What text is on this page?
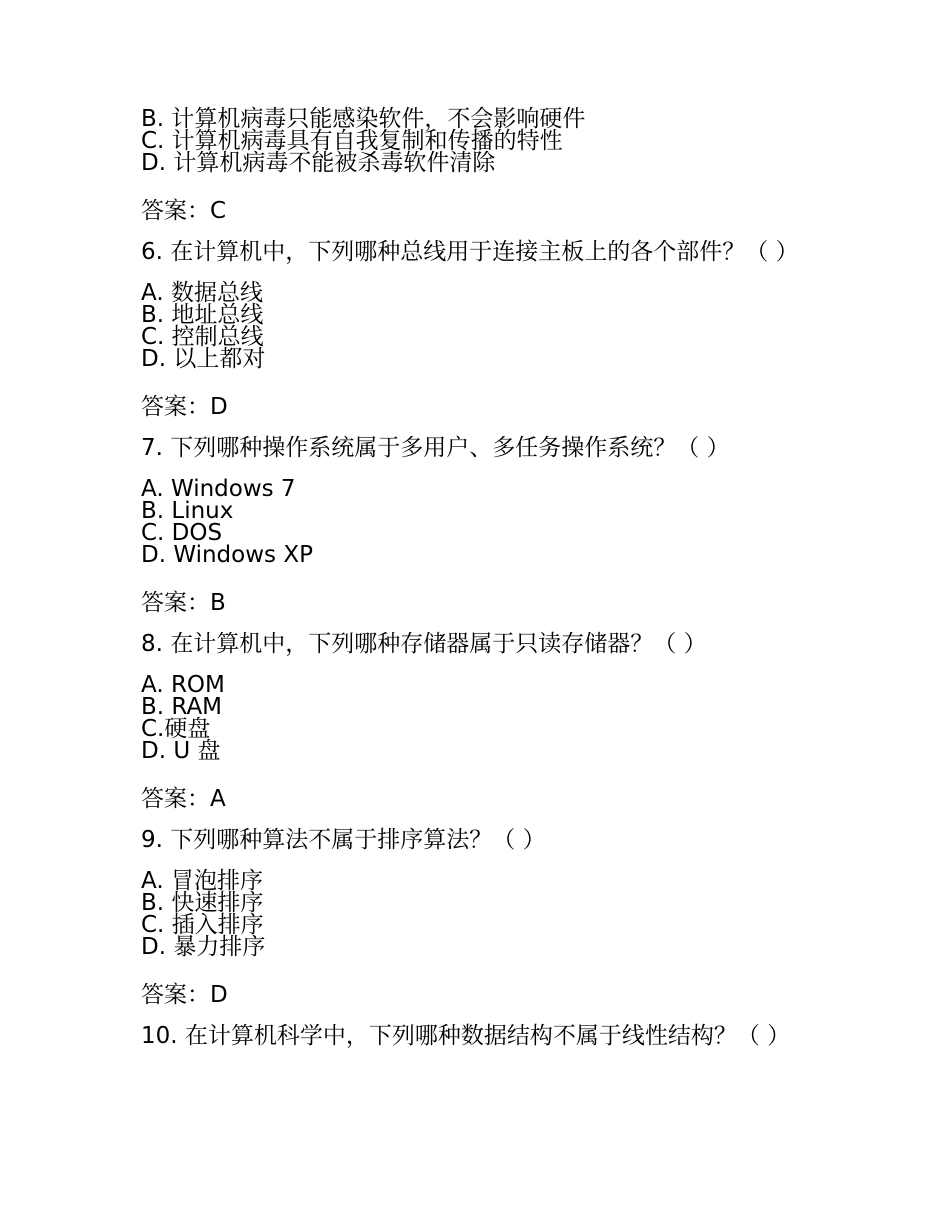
B. 计算机病毒只能感染软件，不会影响硬件
C. 计算机病毒具有自我复制和传播的特性
D. 计算机病毒不能被杀毒软件清除
答案：C
6. 在计算机中，下列哪种总线用于连接主板上的各个部件？（ ）
A. 数据总线
B. 地址总线
C. 控制总线
D. 以上都对
答案：D
7. 下列哪种操作系统属于多用户、多任务操作系统？（ ）
A. Windows 7
B. Linux
C. DOS
D. Windows XP
答案：B
8. 在计算机中，下列哪种存储器属于只读存储器？（ ）
A. ROM
B. RAM
C.硬盘
D. U 盘
答案：A
9. 下列哪种算法不属于排序算法？（ ）
A. 冒泡排序
B. 快速排序
C. 插入排序
D. 暴力排序
答案：D
10. 在计算机科学中，下列哪种数据结构不属于线性结构？（ ）
